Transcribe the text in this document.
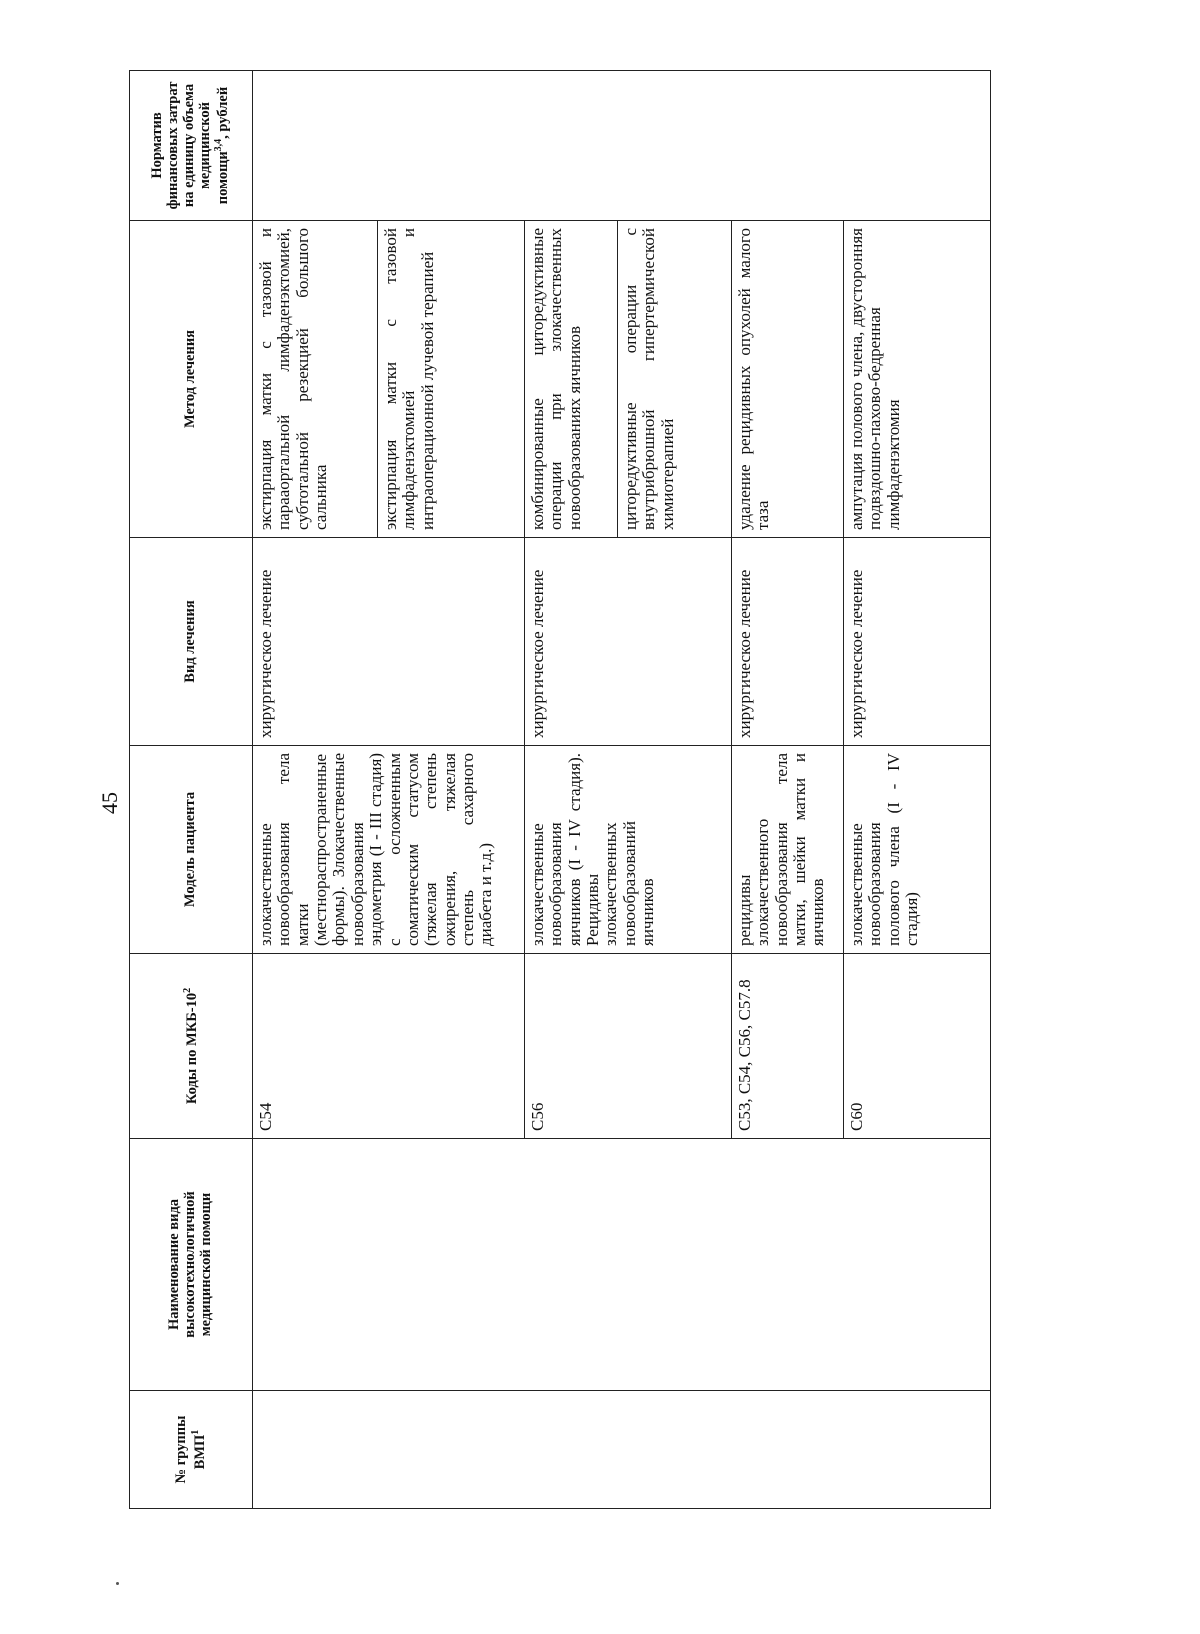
45
№ группы ВМП$^1$	Наименование вида высокотехнологичной медицинской помощи	Коды по МКБ-$10^2$	Модель пациента	Вид лечения	Метод лечения	Норматив финансовых затрат на единицу объема медицинской помощи$^{3,4}$, рублей
		C54	злокачественные новообразования тела матки (местнораспространенные формы). Злокачественные новообразования эндометрия (I - III стадия) с осложненным соматическим статусом (тяжелая степень ожирения, тяжелая степень сахарного диабета и т.д.)	хирургическое лечение	экстирпация матки с тазовой и парааортальной лимфаденэктомией, субтотальной резекцией большого сальника	
					экстирпация матки с тазовой лимфаденэктомией и интраоперационной лучевой терапией	
		C56	злокачественные новообразования яичников (I - IV стадия). Рецидивы злокачественных новообразований яичников	хирургическое лечение	комбинированные циторедуктивные операции при злокачественных новообразованиях яичников	
					циторедуктивные операции с внутрибрюшной гипертермической химиотерапией	
		C53, C54, C56, C57.8	рецидивы злокачественного новообразования тела матки, шейки матки и яичников	хирургическое лечение	удаление рецидивных опухолей малого таза	
		C60	злокачественные новообразования полового члена (I - IV стадия)	хирургическое лечение	ампутация полового члена, двусторонняя подвздошно-пахово-бедренная лимфаденэктомия	
